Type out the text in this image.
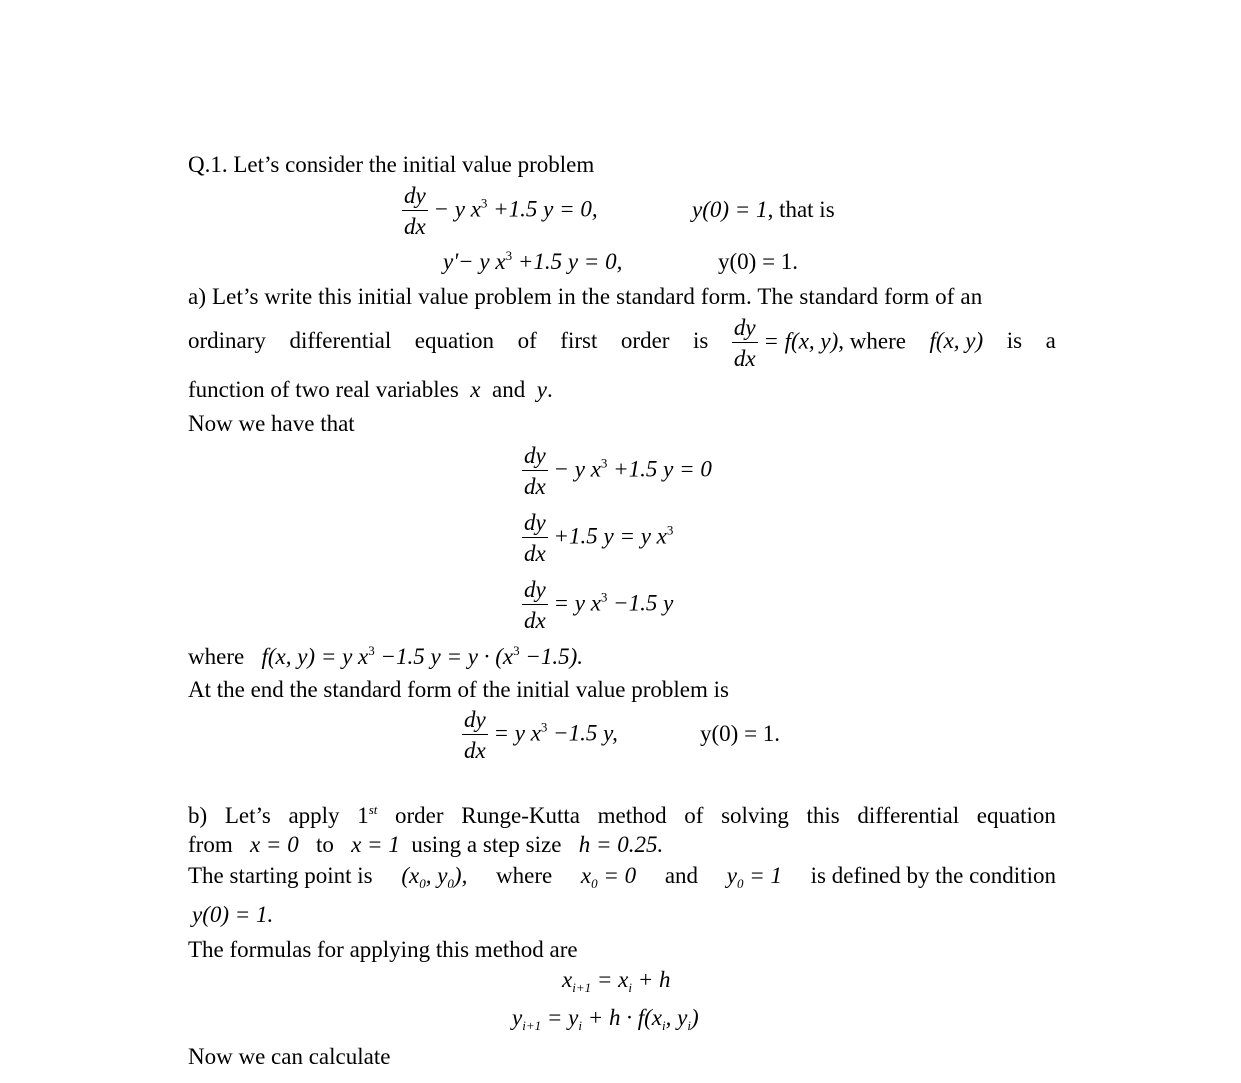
Q.1. Let’s consider the initial value problem
$\frac{dy}{dx} - y$ $x^3 +1.5$ y = 0,	y(0) = 1, that is
y'− y $x^3 +1.5$ y = 0,	y(0) = 1.
a) Let’s write this initial value problem in the standard form. The standard form of an
ordinary differential equation of first order is $\frac{dy}{dx} = f(x$, y), where f(x, y) is a
function of two real variables x and y.
Now we have that
$\frac{dy}{dx} - y$ $x^3 +1.5$ y = 0
$\frac{dy}{dx} +1.5$ y = y $x^3$
$\frac{dy}{dx} = y$ $x^3 -1.5$ y
where f(x, y) = y $x^3 -1.5$ $y = y \cdot (x^3 -1.5)$.
At the end the standard form of the initial value problem is
$\frac{dy}{dx} = y$ $x^3 -1.5$ y,	y(0) = 1.
b) Let’s apply 1st order Runge-Kutta method of solving this differential equation
from x = 0 to x = 1 using a step size h = 0.25.
The starting point is ($x_0$, $y_0$), where $x_0 = 0$ and $y_0 = 1$ is defined by the condition
y(0) = 1.
The formulas for applying this method are
$x_{i+1} = x_i + h$
$y_{i+1} = y_i + h \cdot f(x_i$, $y_i$)
Now we can calculate
